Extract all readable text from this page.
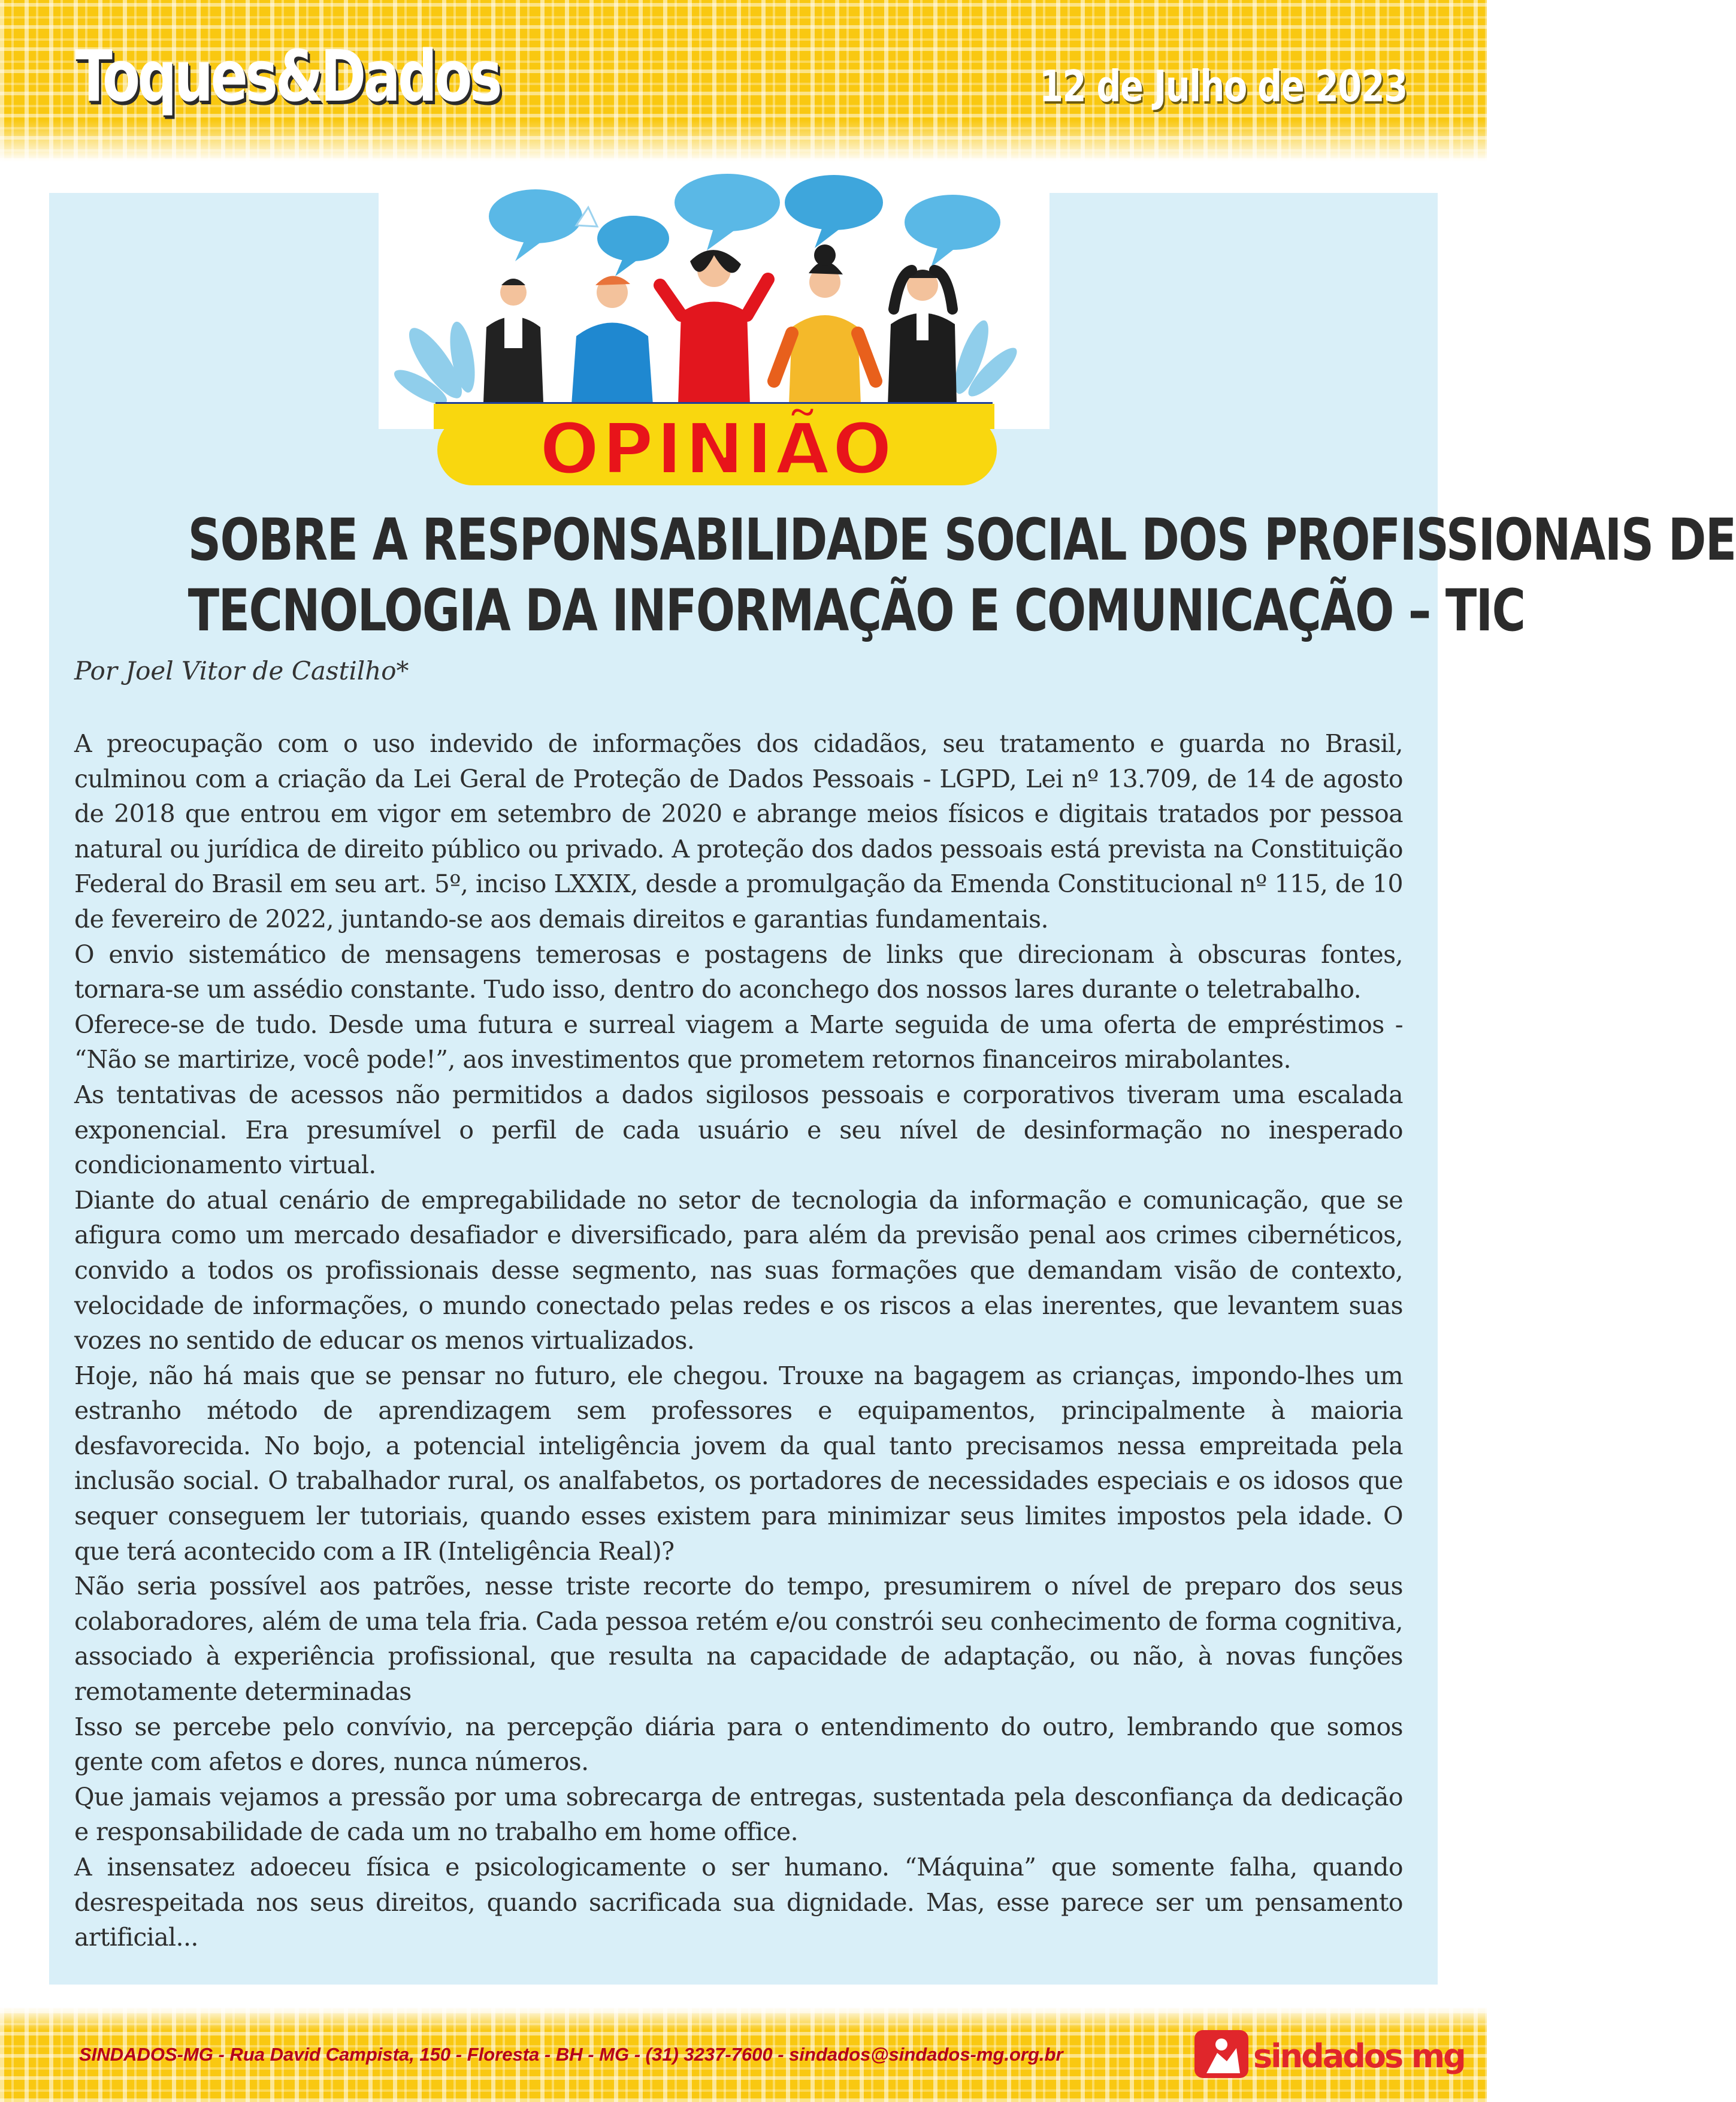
Toques&Dados	12 de Julho de 2023
OPINIÃO
SOBRE A RESPONSABILIDADE SOCIAL DOS PROFISSIONAIS DE
TECNOLOGIA DA INFORMAÇÃO E COMUNICAÇÃO – TIC
Por Joel Vitor de Castilho*

A preocupação com o uso indevido de informações dos cidadãos, seu tratamento e guarda no Brasil, culminou com a criação da Lei Geral de Proteção de Dados Pessoais - LGPD, Lei nº 13.709, de 14 de agosto de 2018 que entrou em vigor em setembro de 2020 e abrange meios físicos e digitais tratados por pessoa natural ou jurídica de direito público ou privado. A proteção dos dados pessoais está prevista na Constituição Federal do Brasil em seu art. 5º, inciso LXXIX, desde a promulgação da Emenda Constitucional nº 115, de 10 de fevereiro de 2022, juntando-se aos demais direitos e garantias fundamentais.

O envio sistemático de mensagens temerosas e postagens de links que direcionam à obscuras fontes, tornara-se um assédio constante. Tudo isso, dentro do aconchego dos nossos lares durante o teletrabalho.

Oferece-se de tudo. Desde uma futura e surreal viagem a Marte seguida de uma oferta de empréstimos - “Não se martirize, você pode!”, aos investimentos que prometem retornos financeiros mirabolantes.

As tentativas de acessos não permitidos a dados sigilosos pessoais e corporativos tiveram uma escalada exponencial. Era presumível o perfil de cada usuário e seu nível de desinformação no inesperado condicionamento virtual.

Diante do atual cenário de empregabilidade no setor de tecnologia da informação e comunicação, que se afigura como um mercado desafiador e diversificado, para além da previsão penal aos crimes cibernéticos, convido a todos os profissionais desse segmento, nas suas formações que demandam visão de contexto, velocidade de informações, o mundo conectado pelas redes e os riscos a elas inerentes, que levantem suas vozes no sentido de educar os menos virtualizados.

Hoje, não há mais que se pensar no futuro, ele chegou. Trouxe na bagagem as crianças, impondo-lhes um estranho método de aprendizagem sem professores e equipamentos, principalmente à maioria desfavorecida. No bojo, a potencial inteligência jovem da qual tanto precisamos nessa empreitada pela inclusão social. O trabalhador rural, os analfabetos, os portadores de necessidades especiais e os idosos que sequer conseguem ler tutoriais, quando esses existem para minimizar seus limites impostos pela idade. O que terá acontecido com a IR (Inteligência Real)?

Não seria possível aos patrões, nesse triste recorte do tempo, presumirem o nível de preparo dos seus colaboradores, além de uma tela fria. Cada pessoa retém e/ou constrói seu conhecimento de forma cognitiva, associado à experiência profissional, que resulta na capacidade de adaptação, ou não, à novas funções remotamente determinadas

Isso se percebe pelo convívio, na percepção diária para o entendimento do outro, lembrando que somos gente com afetos e dores, nunca números.

Que jamais vejamos a pressão por uma sobrecarga de entregas, sustentada pela desconfiança da dedicação e responsabilidade de cada um no trabalho em home office.

A insensatez adoeceu física e psicologicamente o ser humano. “Máquina” que somente falha, quando desrespeitada nos seus direitos, quando sacrificada sua dignidade. Mas, esse parece ser um pensamento artificial...

SINDADOS-MG - Rua David Campista, 150 - Floresta - BH - MG - (31) 3237-7600 - sindados@sindados-mg.org.br	sindados mg
